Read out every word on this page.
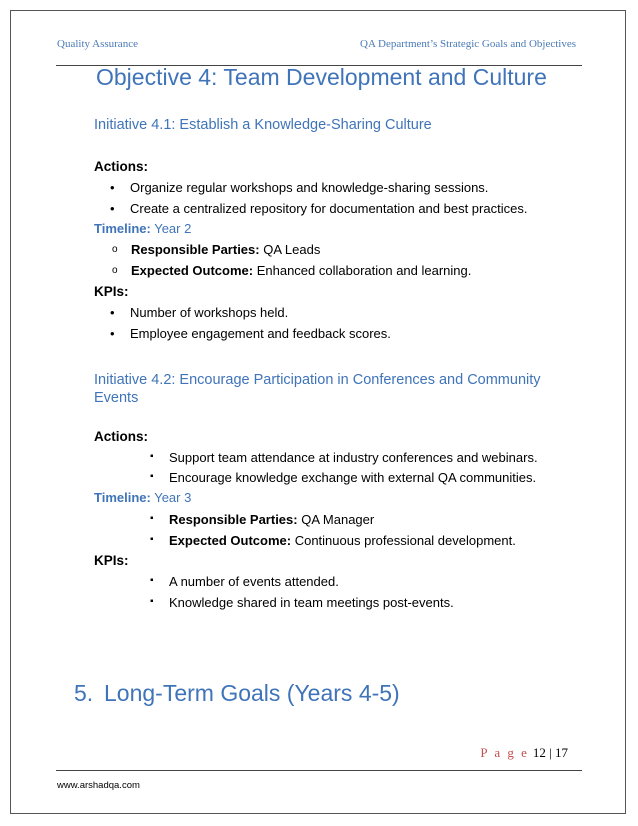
Quality Assurance	QA Department’s Strategic Goals and Objectives
Objective 4: Team Development and Culture
Initiative 4.1: Establish a Knowledge-Sharing Culture
Actions:
• Organize regular workshops and knowledge-sharing sessions.
• Create a centralized repository for documentation and best practices.
Timeline: Year 2
o Responsible Parties: QA Leads
o Expected Outcome: Enhanced collaboration and learning.
KPIs:
• Number of workshops held.
• Employee engagement and feedback scores.
Initiative 4.2: Encourage Participation in Conferences and Community
Events
Actions:
▪ Support team attendance at industry conferences and webinars.
▪ Encourage knowledge exchange with external QA communities.
Timeline: Year 3
▪ Responsible Parties: QA Manager
▪ Expected Outcome: Continuous professional development.
KPIs:
▪ A number of events attended.
▪ Knowledge shared in team meetings post-events.
5. Long-Term Goals (Years 4-5)
P a g e 12 | 17
www.arshadqa.com
